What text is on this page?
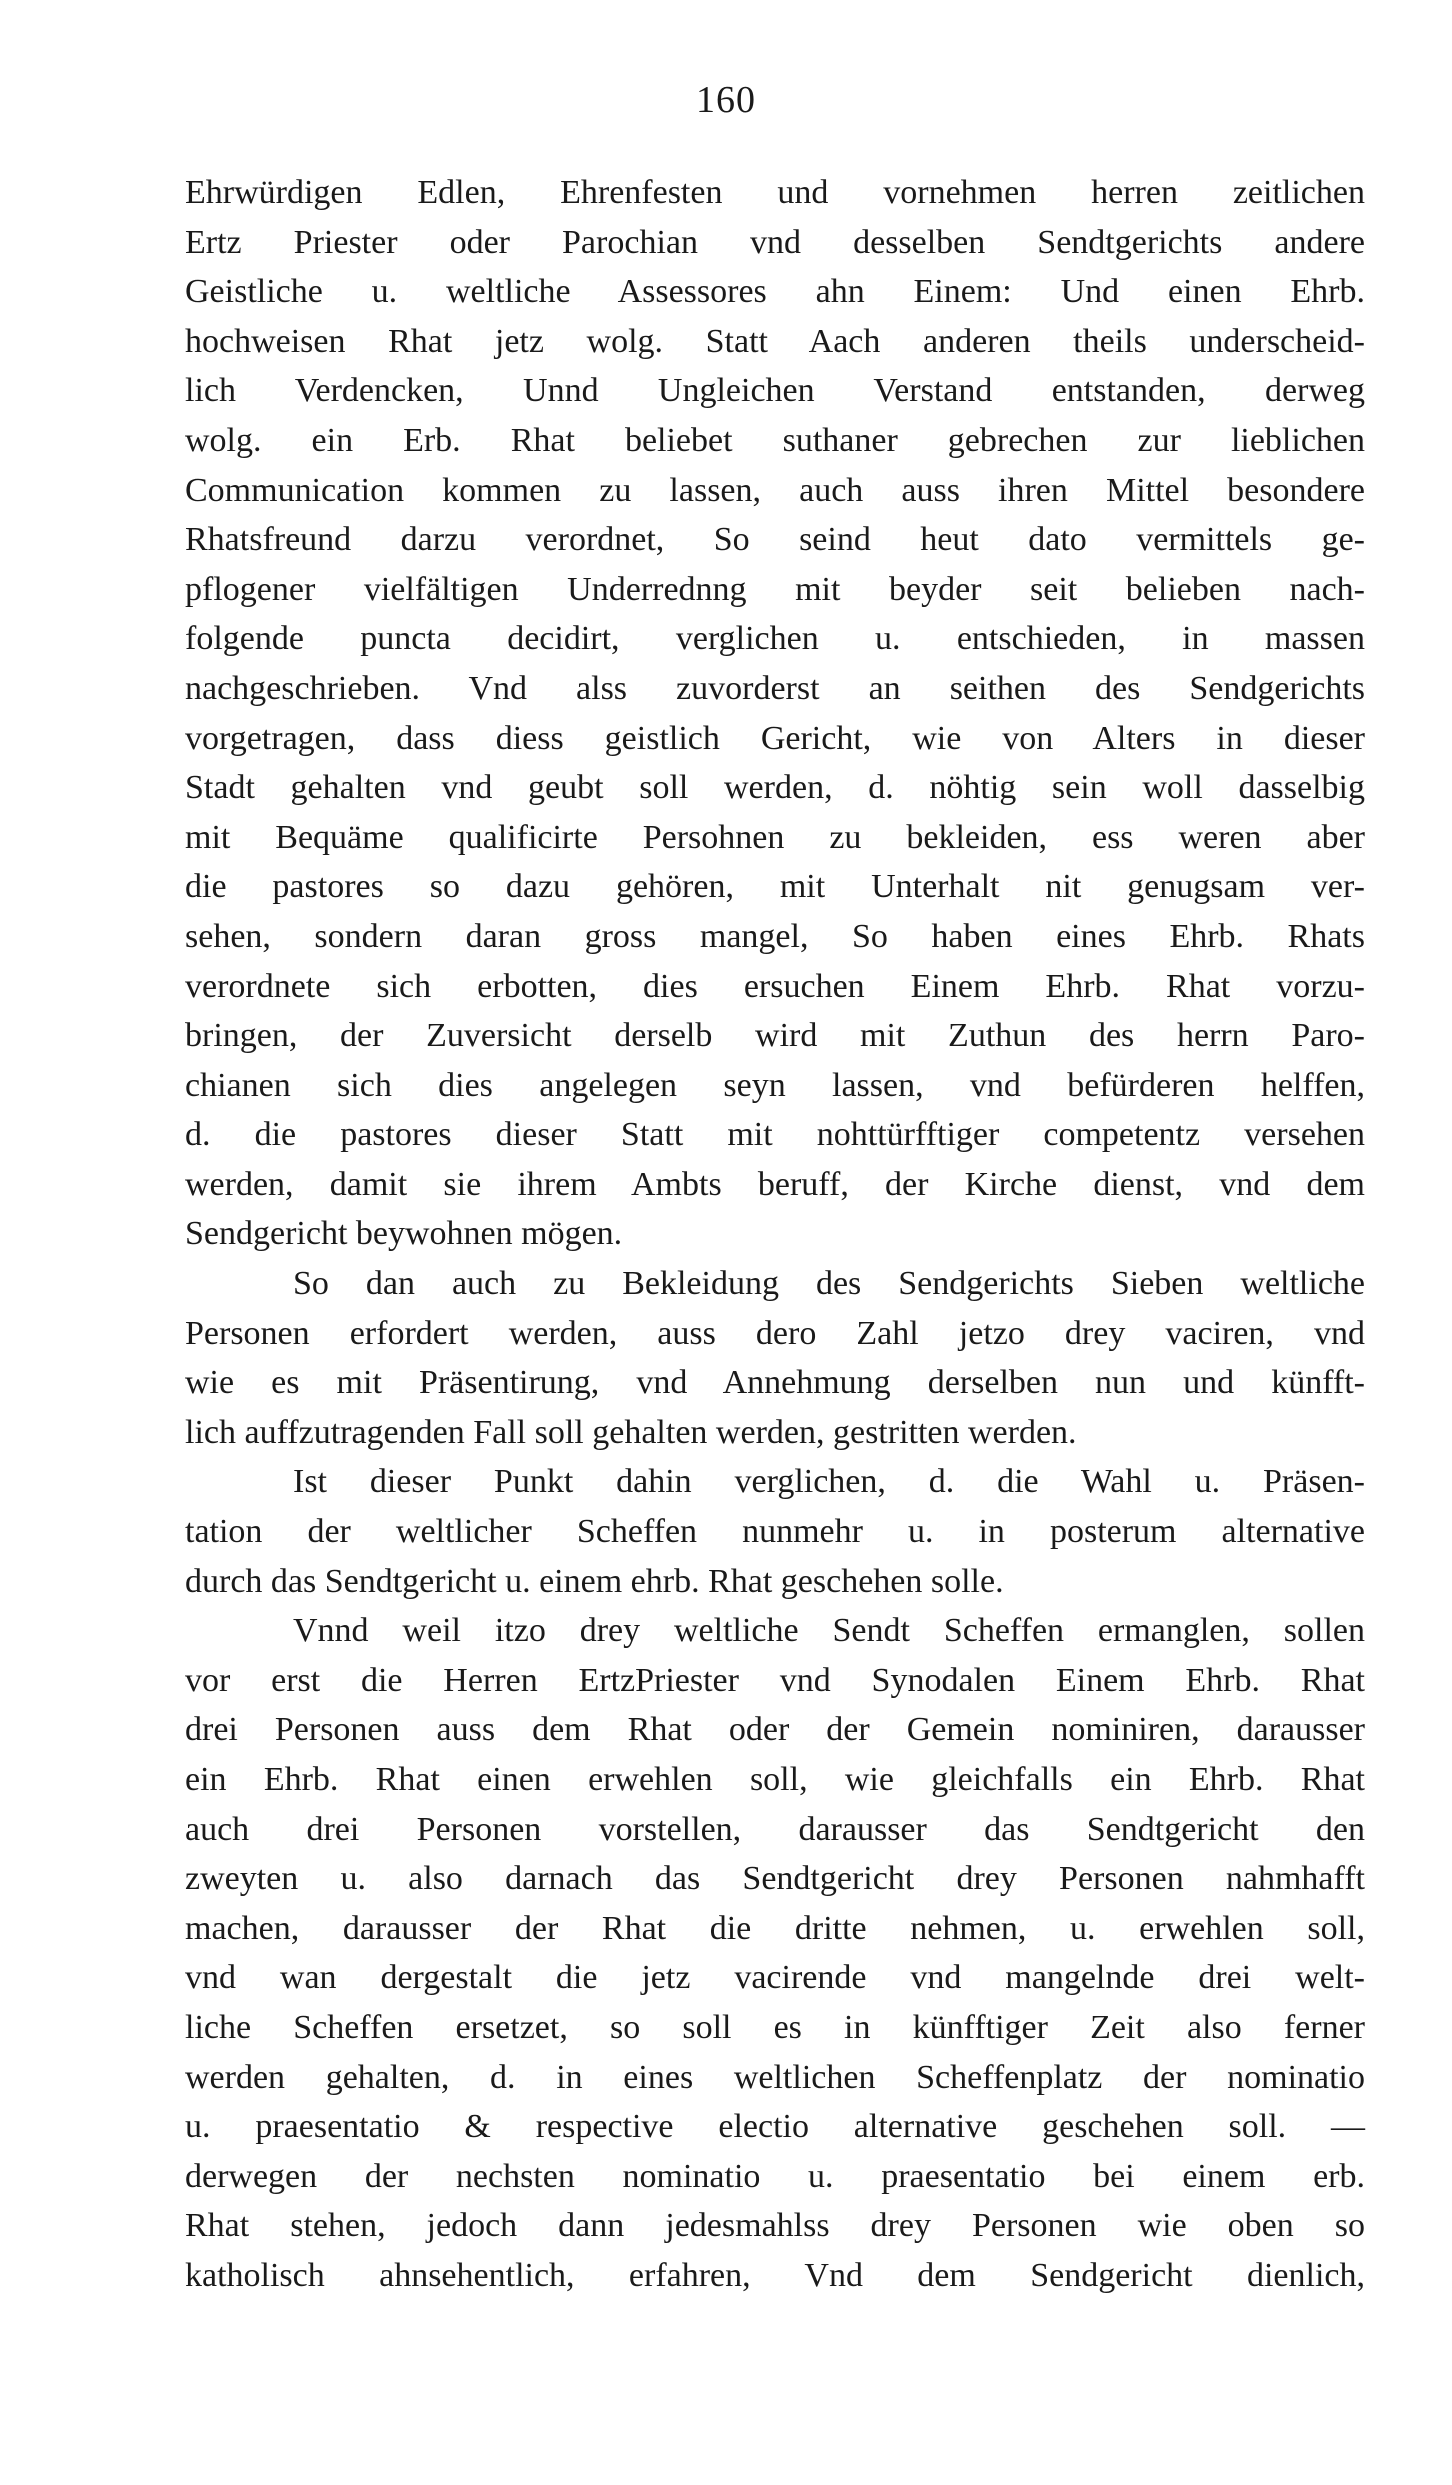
160
Ehrwürdigen Edlen, Ehrenfesten und vornehmen herren zeitlichen
Ertz Priester oder Parochian vnd desselben Sendtgerichts andere
Geistliche u. weltliche Assessores ahn Einem: Und einen Ehrb.
hochweisen Rhat jetz wolg. Statt Aach anderen theils underscheid-
lich Verdencken, Unnd Ungleichen Verstand entstanden, derweg
wolg. ein Erb. Rhat beliebet suthaner gebrechen zur lieblichen
Communication kommen zu lassen, auch auss ihren Mittel besondere
Rhatsfreund darzu verordnet, So seind heut dato vermittels ge-
pflogener vielfältigen Underrednng mit beyder seit belieben nach-
folgende puncta decidirt, verglichen u. entschieden, in massen
nachgeschrieben. Vnd alss zuvorderst an seithen des Sendgerichts
vorgetragen, dass diess geistlich Gericht, wie von Alters in dieser
Stadt gehalten vnd geubt soll werden, d. nöhtig sein woll dasselbig
mit Bequäme qualificirte Persohnen zu bekleiden, ess weren aber
die pastores so dazu gehören, mit Unterhalt nit genugsam ver-
sehen, sondern daran gross mangel, So haben eines Ehrb. Rhats
verordnete sich erbotten, dies ersuchen Einem Ehrb. Rhat vorzu-
bringen, der Zuversicht derselb wird mit Zuthun des herrn Paro-
chianen sich dies angelegen seyn lassen, vnd befürderen helffen,
d. die pastores dieser Statt mit nohttürfftiger competentz versehen
werden, damit sie ihrem Ambts beruff, der Kirche dienst, vnd dem
Sendgericht beywohnen mögen.
So dan auch zu Bekleidung des Sendgerichts Sieben weltliche
Personen erfordert werden, auss dero Zahl jetzo drey vaciren, vnd
wie es mit Präsentirung, vnd Annehmung derselben nun und künfft-
lich auffzutragenden Fall soll gehalten werden, gestritten werden.
Ist dieser Punkt dahin verglichen, d. die Wahl u. Präsen-
tation der weltlicher Scheffen nunmehr u. in posterum alternative
durch das Sendtgericht u. einem ehrb. Rhat geschehen solle.
Vnnd weil itzo drey weltliche Sendt Scheffen ermanglen, sollen
vor erst die Herren ErtzPriester vnd Synodalen Einem Ehrb. Rhat
drei Personen auss dem Rhat oder der Gemein nominiren, darausser
ein Ehrb. Rhat einen erwehlen soll, wie gleichfalls ein Ehrb. Rhat
auch drei Personen vorstellen, darausser das Sendtgericht den
zweyten u. also darnach das Sendtgericht drey Personen nahmhafft
machen, darausser der Rhat die dritte nehmen, u. erwehlen soll,
vnd wan dergestalt die jetz vacirende vnd mangelnde drei welt-
liche Scheffen ersetzet, so soll es in künfftiger Zeit also ferner
werden gehalten, d. in eines weltlichen Scheffenplatz der nominatio
u. praesentatio & respective electio alternative geschehen soll. —
derwegen der nechsten nominatio u. praesentatio bei einem erb.
Rhat stehen, jedoch dann jedesmahlss drey Personen wie oben so
katholisch ahnsehentlich, erfahren, Vnd dem Sendgericht dienlich,
